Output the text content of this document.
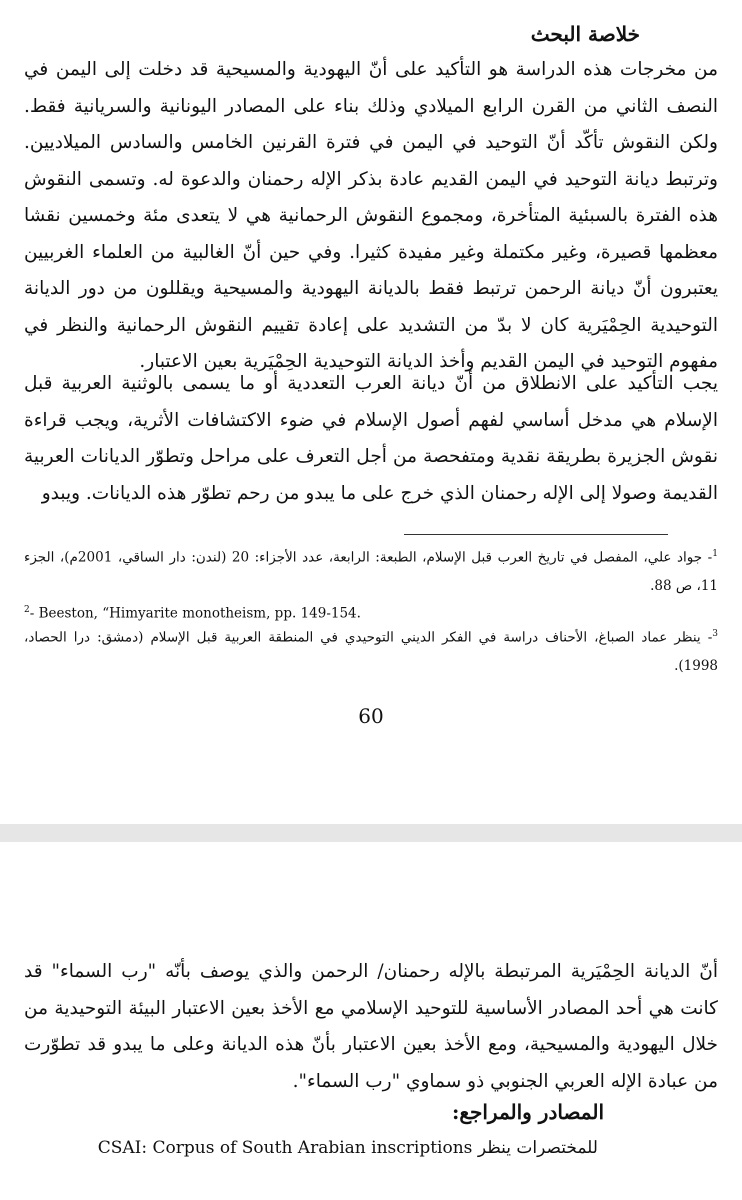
خلاصة البحث

من مخرجات هذه الدراسة هو التأكيد على أنّ اليهودية والمسيحية قد دخلت إلى اليمن في النصف الثاني من القرن الرابع الميلادي وذلك بناء على المصادر اليونانية والسريانية فقط. ولكن النقوش تأكّد أنّ التوحيد في اليمن في فترة القرنين الخامس والسادس الميلاديين. وترتبط ديانة التوحيد في اليمن القديم عادة بذكر الإله رحمنان والدعوة له. وتسمى النقوش هذه الفترة بالسبئية المتأخرة، ومجموع النقوش الرحمانية هي لا يتعدى مئة وخمسين نقشا معظمها قصيرة، وغير مكتملة وغير مفيدة كثيرا. وفي حين أنّ الغالبية من العلماء الغربيين يعتبرون أنّ ديانة الرحمن ترتبط فقط بالديانة اليهودية والمسيحية ويقللون من دور الديانة التوحيدية الحِمْيَرية كان لا بدّ من التشديد على إعادة تقييم النقوش الرحمانية والنظر في مفهوم التوحيد في اليمن القديم وأخذ الديانة التوحيدية الحِمْيَرية بعين الاعتبار.

يجب التأكيد على الانطلاق من أنّ ديانة العرب التعددية أو ما يسمى بالوثنية العربية قبل الإسلام هي مدخل أساسي لفهم أصول الإسلام في ضوء الاكتشافات الأثرية، ويجب قراءة نقوش الجزيرة بطريقة نقدية ومتفحصة من أجل التعرف على مراحل وتطوّر الديانات العربية القديمة وصولا إلى الإله رحمنان الذي خرج على ما يبدو من رحم تطوّر هذه الديانات. ويبدو

$^1$- جواد علي، المفصل في تاريخ العرب قبل الإسلام، الطبعة: الرابعة، عدد الأجزاء: 20 (لندن: دار الساقي، 2001م)، الجزء 11، ص 88.
$^2$- Beeston, “Himyarite monotheism, pp. 149-154.
$^3$- ينظر عماد الصباغ، الأحناف دراسة في الفكر الديني التوحيدي في المنطقة العربية قبل الإسلام (دمشق: درا الحصاد، 1998).
60

أنّ الديانة الحِمْيَرية المرتبطة بالإله رحمنان/ الرحمن والذي يوصف بأنّه "رب السماء" قد كانت هي أحد المصادر الأساسية للتوحيد الإسلامي مع الأخذ بعين الاعتبار البيئة التوحيدية من خلال اليهودية والمسيحية، ومع الأخذ بعين الاعتبار بأنّ هذه الديانة وعلى ما يبدو قد تطوّرت من عبادة الإله العربي الجنوبي ذو سماوي "رب السماء".

المصادر والمراجع:
للمختصرات ينظر CSAI: Corpus of South Arabian inscriptions
